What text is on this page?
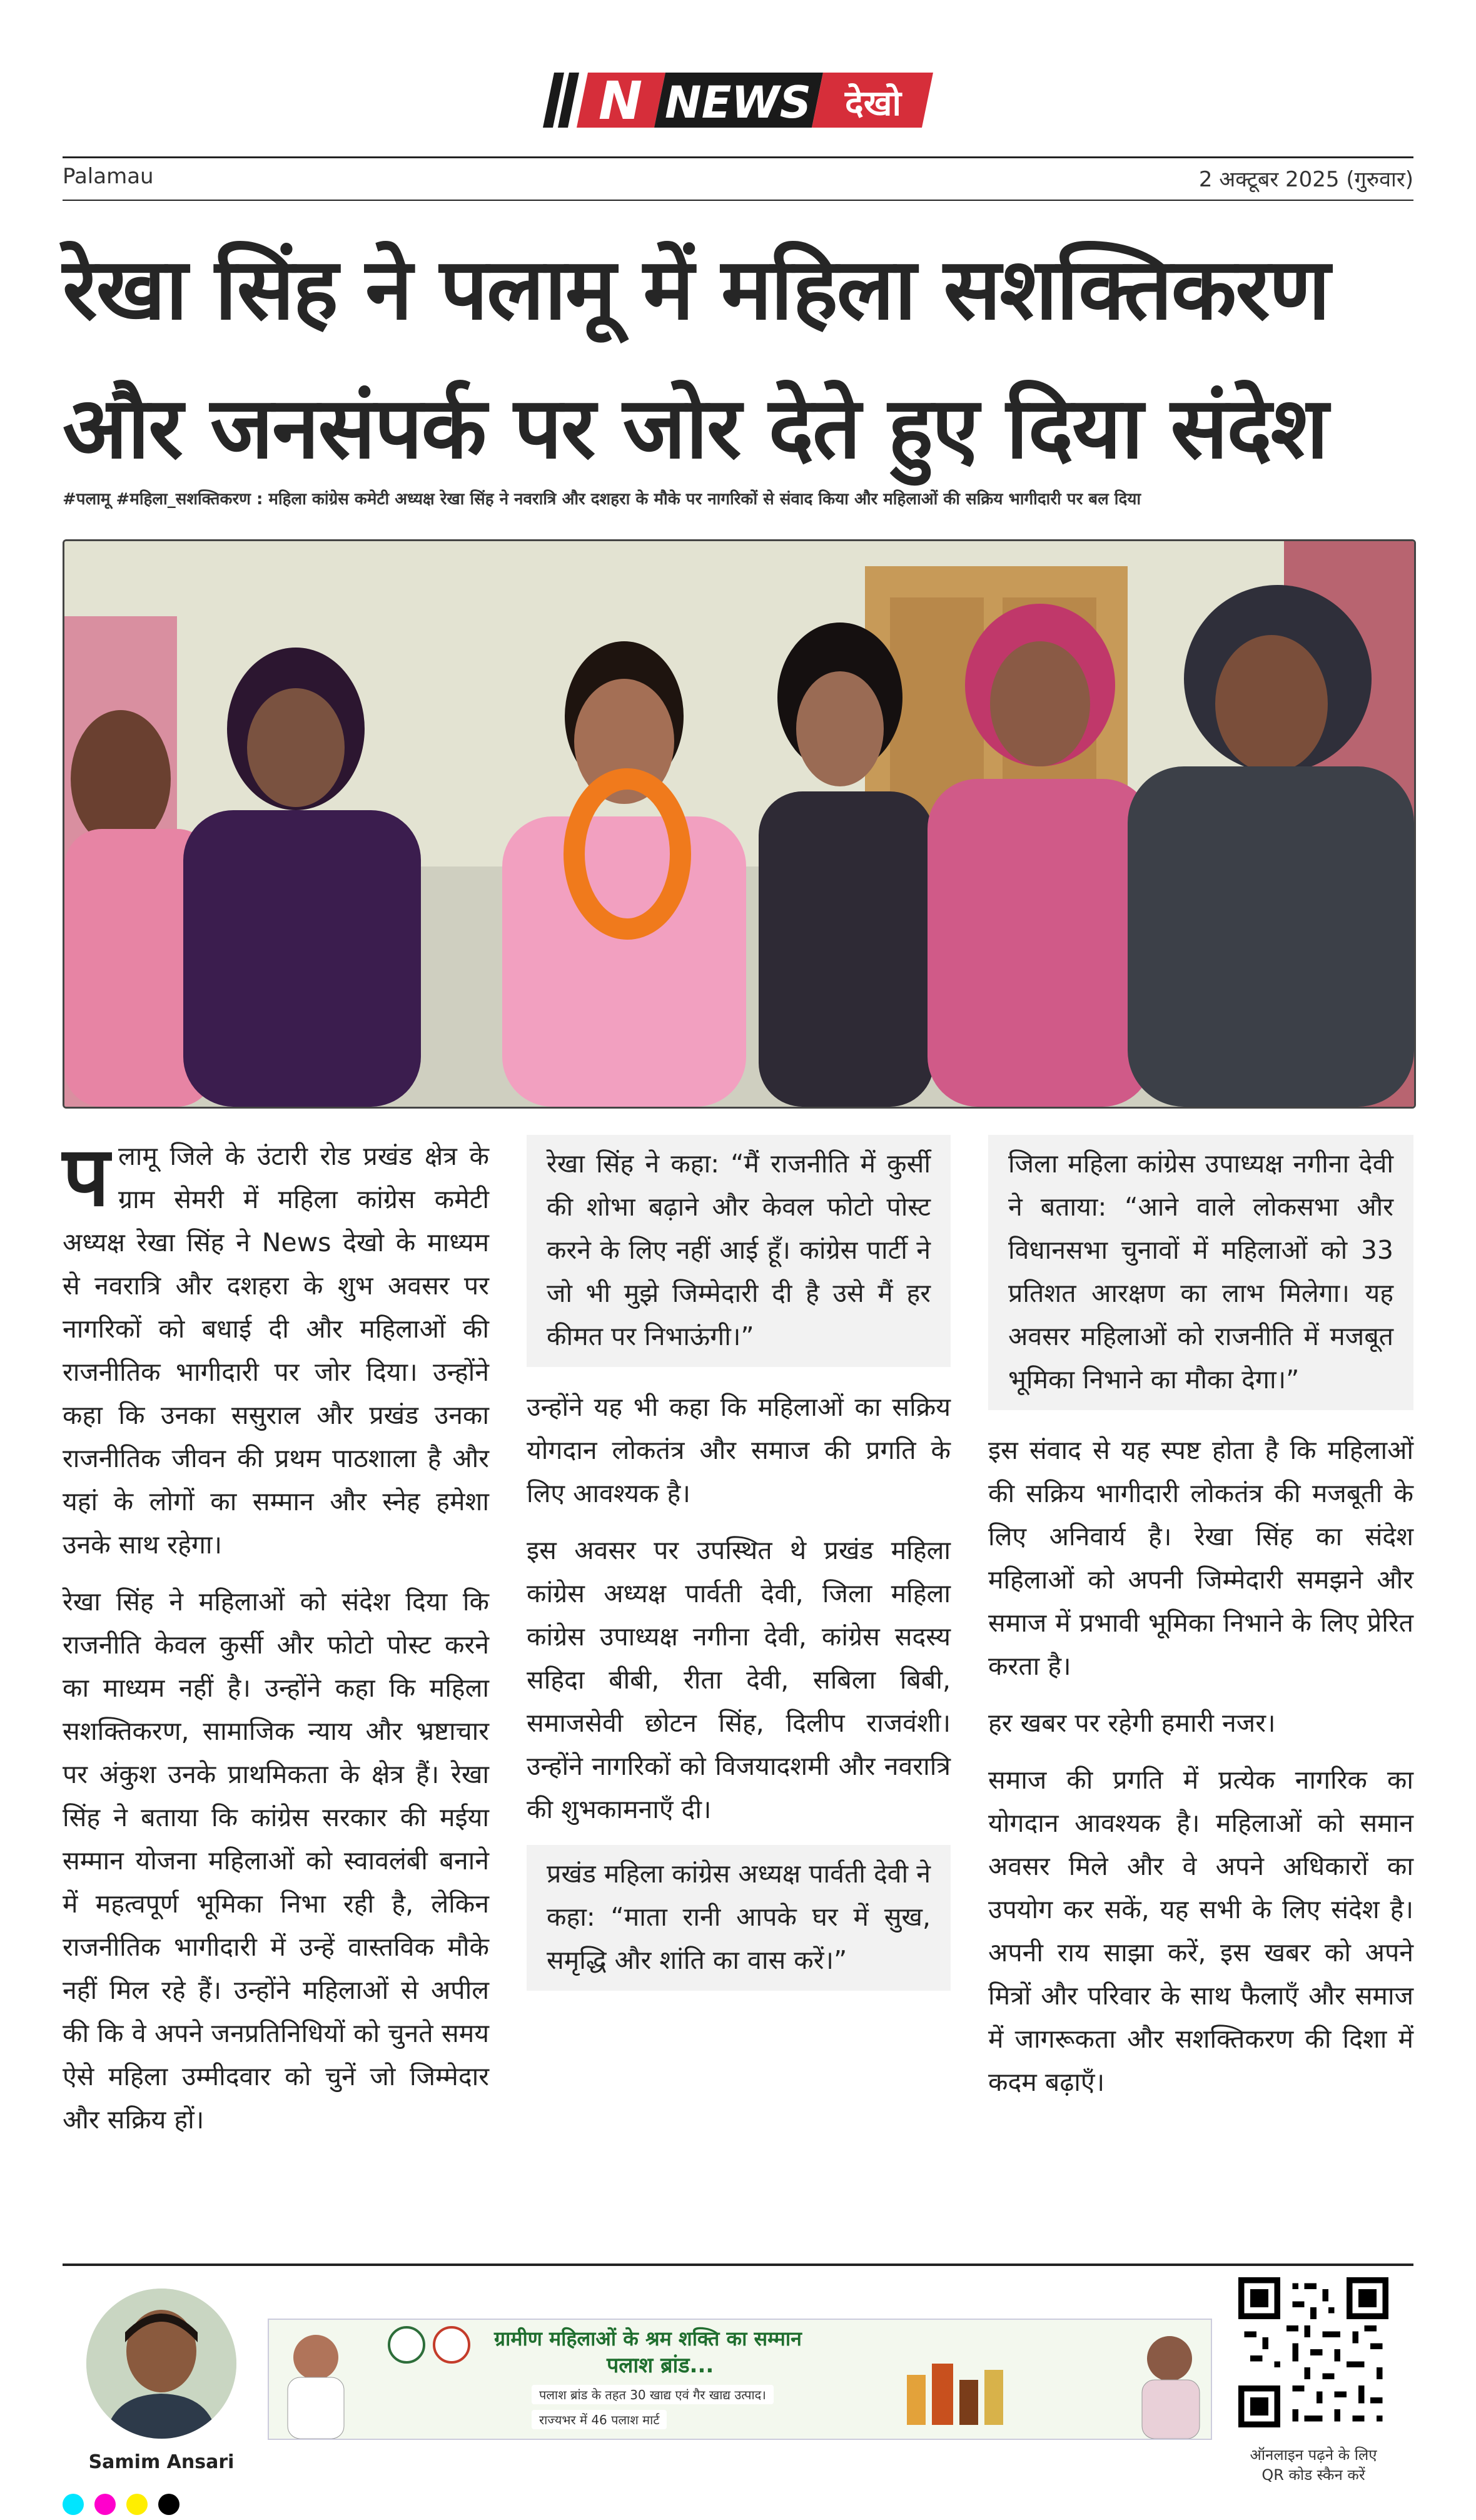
N NEWS देखो
Palamau	2 अक्टूबर 2025 (गुरुवार)
रेखा सिंह ने पलामू में महिला सशक्तिकरण
और जनसंपर्क पर जोर देते हुए दिया संदेश
#पलामू #महिला_सशक्तिकरण : महिला कांग्रेस कमेटी अध्यक्ष रेखा सिंह ने नवरात्रि और दशहरा के मौके पर नागरिकों से संवाद किया और महिलाओं की सक्रिय भागीदारी पर बल दिया

पलामू जिले के उंटारी रोड प्रखंड क्षेत्र के ग्राम सेमरी में महिला कांग्रेस कमेटी अध्यक्ष रेखा सिंह ने News देखो के माध्यम से नवरात्रि और दशहरा के शुभ अवसर पर नागरिकों को बधाई दी और महिलाओं की राजनीतिक भागीदारी पर जोर दिया। उन्होंने कहा कि उनका ससुराल और प्रखंड उनका राजनीतिक जीवन की प्रथम पाठशाला है और यहां के लोगों का सम्मान और स्नेह हमेशा उनके साथ रहेगा।

रेखा सिंह ने महिलाओं को संदेश दिया कि राजनीति केवल कुर्सी और फोटो पोस्ट करने का माध्यम नहीं है। उन्होंने कहा कि महिला सशक्तिकरण, सामाजिक न्याय और भ्रष्टाचार पर अंकुश उनके प्राथमिकता के क्षेत्र हैं। रेखा सिंह ने बताया कि कांग्रेस सरकार की मईया सम्मान योजना महिलाओं को स्वावलंबी बनाने में महत्वपूर्ण भूमिका निभा रही है, लेकिन राजनीतिक भागीदारी में उन्हें वास्तविक मौके नहीं मिल रहे हैं। उन्होंने महिलाओं से अपील की कि वे अपने जनप्रतिनिधियों को चुनते समय ऐसे महिला उम्मीदवार को चुनें जो जिम्मेदार और सक्रिय हों।

रेखा सिंह ने कहा: “मैं राजनीति में कुर्सी की शोभा बढ़ाने और केवल फोटो पोस्ट करने के लिए नहीं आई हूँ। कांग्रेस पार्टी ने जो भी मुझे जिम्मेदारी दी है उसे मैं हर कीमत पर निभाऊंगी।”

उन्होंने यह भी कहा कि महिलाओं का सक्रिय योगदान लोकतंत्र और समाज की प्रगति के लिए आवश्यक है।

इस अवसर पर उपस्थित थे प्रखंड महिला कांग्रेस अध्यक्ष पार्वती देवी, जिला महिला कांग्रेस उपाध्यक्ष नगीना देवी, कांग्रेस सदस्य सहिदा बीबी, रीता देवी, सबिला बिबी, समाजसेवी छोटन सिंह, दिलीप राजवंशी। उन्होंने नागरिकों को विजयादशमी और नवरात्रि की शुभकामनाएँ दी।

प्रखंड महिला कांग्रेस अध्यक्ष पार्वती देवी ने कहा: “माता रानी आपके घर में सुख, समृद्धि और शांति का वास करें।”

जिला महिला कांग्रेस उपाध्यक्ष नगीना देवी ने बताया: “आने वाले लोकसभा और विधानसभा चुनावों में महिलाओं को 33 प्रतिशत आरक्षण का लाभ मिलेगा। यह अवसर महिलाओं को राजनीति में मजबूत भूमिका निभाने का मौका देगा।”

इस संवाद से यह स्पष्ट होता है कि महिलाओं की सक्रिय भागीदारी लोकतंत्र की मजबूती के लिए अनिवार्य है। रेखा सिंह का संदेश महिलाओं को अपनी जिम्मेदारी समझने और समाज में प्रभावी भूमिका निभाने के लिए प्रेरित करता है।

हर खबर पर रहेगी हमारी नजर।

समाज की प्रगति में प्रत्येक नागरिक का योगदान आवश्यक है। महिलाओं को समान अवसर मिले और वे अपने अधिकारों का उपयोग कर सकें, यह सभी के लिए संदेश है। अपनी राय साझा करें, इस खबर को अपने मित्रों और परिवार के साथ फैलाएँ और समाज में जागरूकता और सशक्तिकरण की दिशा में कदम बढ़ाएँ।

Samim Ansari

ग्रामीण महिलाओं के श्रम शक्ति का सम्मान
पलाश ब्रांड...
पलाश ब्रांड के तहत 30 खाद्य एवं गैर खाद्य उत्पाद।
राज्यभर में 46 पलाश मार्ट
ऑनलाइन पढ़ने के लिए
QR कोड स्कैन करें
